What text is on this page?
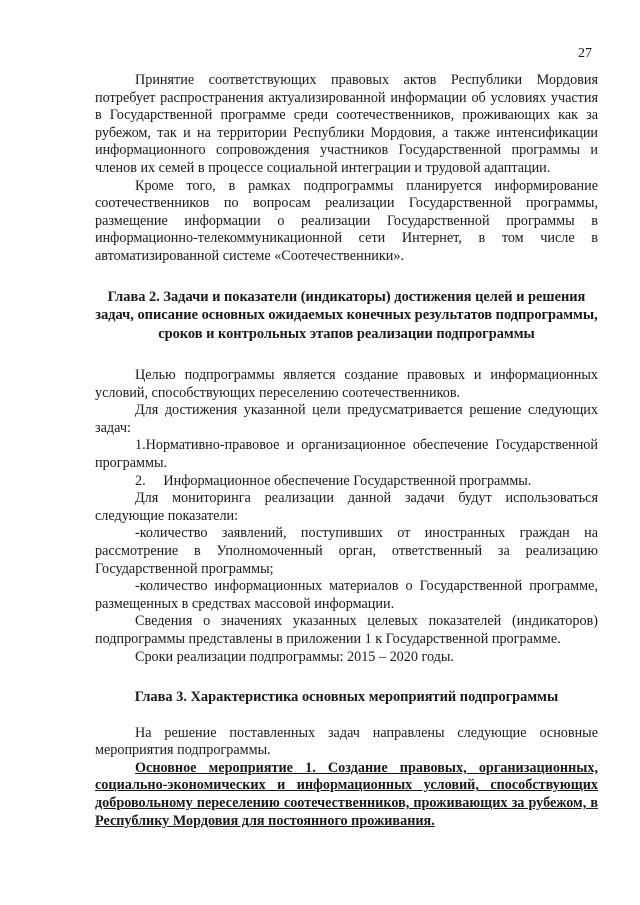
27

Принятие соответствующих правовых актов Республики Мордовия потребует распространения актуализированной информации об условиях участия в Государственной программе среди соотечественников, проживающих как за рубежом, так и на территории Республики Мордовия, а также интенсификации информационного сопровождения участников Государственной программы и членов их семей в процессе социальной интеграции и трудовой адаптации.

Кроме того, в рамках подпрограммы планируется информирование соотечественников по вопросам реализации Государственной программы, размещение информации о реализации Государственной программы в информационно-телекоммуникационной сети Интернет, в том числе в автоматизированной системе «Соотечественники».

Глава 2. Задачи и показатели (индикаторы) достижения целей и решения задач, описание основных ожидаемых конечных результатов подпрограммы, сроков и контрольных этапов реализации подпрограммы

Целью подпрограммы является создание правовых и информационных условий, способствующих переселению соотечественников.

Для достижения указанной цели предусматривается решение следующих задач:

1.Нормативно-правовое и организационное обеспечение Государственной программы.

2.     Информационное обеспечение Государственной программы.

Для мониторинга реализации данной задачи будут использоваться следующие показатели:

-количество заявлений, поступивших от иностранных граждан на рассмотрение в Уполномоченный орган, ответственный за реализацию Государственной программы;

-количество информационных материалов о Государственной программе, размещенных в средствах массовой информации.

Сведения о значениях указанных целевых показателей (индикаторов) подпрограммы представлены в приложении 1 к Государственной программе.

Сроки реализации подпрограммы: 2015 – 2020 годы.

Глава 3. Характеристика основных мероприятий подпрограммы

На решение поставленных задач направлены следующие основные мероприятия подпрограммы.

Основное мероприятие 1. Создание правовых, организационных, социально-экономических и информационных условий, способствующих добровольному переселению соотечественников, проживающих за рубежом, в Республику Мордовия для постоянного проживания.
